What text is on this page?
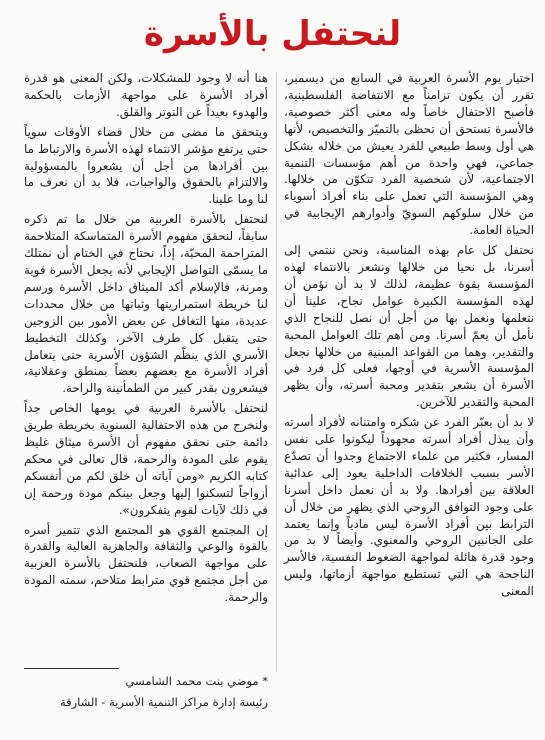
لنحتفل بالأسرة

اختيار يوم الأسرة العربية في السابع من ديسمبر، تقرر أن يكون تزامناً مع الانتفاضة الفلسطينية، فأصبح الاحتفال خاصاً وله معنى أكثر خصوصية، فالأسرة تستحق أن تحظى بالتميّز والتخصيص، لأنها هي أول وسط طبيعي للفرد يعيش من خلاله بشكل جماعي، فهي واحدة من أهم مؤسسات التنمية الاجتماعية، لأن شخصية الفرد تتكوّن من خلالها. وهي المؤسسة التي تعمل على بناء أفراد أسوياء من خلال سلوكهم السويّ وأدوارهم الإيجابية في الحياة العامة.

نحتفل كل عام بهذه المناسبة، ونحن ننتمي إلى أسرنا، بل نحيا من خلالها ونشعر بالانتماء لهذه المؤسسة بقوة عظيمة، لذلك لا بد أن نؤمن أن لهذه المؤسسة الكبيرة عوامل نجاح، علينا أن نتعلمها ونعمل بها من أجل أن نصل للنجاح الذي نأمل أن يعمّ أسرنا. ومن أهم تلك العوامل المحبة والتقدير، وهما من القواعد المبنية من خلالها نجعل المؤسسة الأسرية في أوجها، فعلى كل فرد في الأسرة أن يشعر بتقدير ومحبة أسرته، وأن يظهر المحبة والتقدير للآخرين.

لا بد أن يعبّر الفرد عن شكره وامتنانه لأفراد أسرته وأن يبذل أفراد أسرته مجهوداً ليكونوا على نفس المسار، فكثير من علماء الاجتماع وجدوا أن تصدّع الأسر بسبب الخلافات الداخلية يعود إلى عدائية العلاقة بين أفرادها. ولا بد أن نعمل داخل أسرنا على وجود التوافق الروحي الذي يظهر من خلال أن الترابط بين أفراد الأسرة ليس مادياً وإنما يعتمد على الجانبين الروحي والمعنوي. وأيضاً لا بد من وجود قدرة هائلة لمواجهة الضغوط النفسية، فالأسر الناجحة هي التي تستطيع مواجهة أزماتها، وليس المعنى

هنا أنه لا وجود للمشكلات، ولكن المعنى هو قدرة أفراد الأسرة على مواجهة الأزمات بالحكمة والهدوء بعيداً عن التوتر والقلق.

ويتحقق ما مضى من خلال قضاء الأوقات سوياً حتى يرتفع مؤشر الانتماء لهذه الأسرة والارتباط ما بين أفرادها من أجل أن يشعروا بالمسؤولية والالتزام بالحقوق والواجبات، فلا بد أن نعرف ما لنا وما علينا.

لنحتفل بالأسرة العربية من خلال ما تم ذكره سابقاً، لنحقق مفهوم الأسرة المتماسكة المتلاحمة المتراحمة المحبّة، إذاً، نحتاج في الختام أن نمتلك ما يسمّى التواصل الإيجابي لأنه يجعل الأسرة قوية ومرنة، فالإسلام أكد الميثاق داخل الأسرة ورسم لنا خريطة استمراريتها وثباتها من خلال محددات عديدة، منها التغافل عن بعض الأمور بين الزوجين حتى يتقبل كل طرف الآخر، وكذلك التخطيط الأسري الذي ينظّم الشؤون الأسرية حتى يتعامل أفراد الأسرة مع بعضهم بعضاً بمنطق وعقلانية، فيشعرون بقدر كبير من الطمأنينة والراحة.

لنحتفل بالأسرة العربية في يومها الخاص جداً ولنخرج من هذه الاحتفالية السنوية بخريطة طريق دائمة حتى نحقق مفهوم أن الأسرة ميثاق غليظ يقوم على المودة والرحمة، قال تعالى في محكم كتابه الكريم «ومن آياته أن خلق لكم من أنفسكم أزواجاً لتسكنوا إليها وجعل بينكم مودة ورحمة إن في ذلك لآيات لقوم يتفكرون».

إن المجتمع القوي هو المجتمع الذي تتميز أسره بالقوة والوعي والثقافة والجاهزية العالية والقدرة على مواجهة الصعاب، فلنحتفل بالأسرة العربية من أجل مجتمع قوي مترابط متلاحم، سمته المودة والرحمة.

* موضي بنت محمد الشامسي
رئيسة إدارة مراكز التنمية الأسرية - الشارقة
